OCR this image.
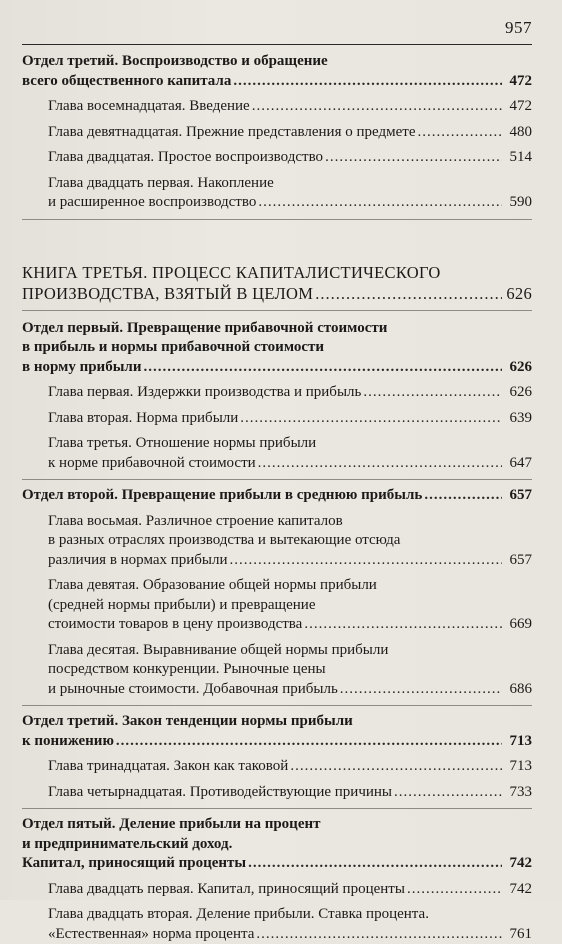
957
Отдел третий. Воспроизводство и обращение
всего общественного капитала .....	472
Глава восемнадцатая. Введение .....	472
Глава девятнадцатая. Прежние представления о предмете .....	480
Глава двадцатая. Простое воспроизводство .....	514
Глава двадцать первая. Накопление
и расширенное воспроизводство .....	590
КНИГА ТРЕТЬЯ. ПРОЦЕСС КАПИТАЛИСТИЧЕСКОГО
ПРОИЗВОДСТВА, ВЗЯТЫЙ В ЦЕЛОМ .....	626
Отдел первый. Превращение прибавочной стоимости
в прибыль и нормы прибавочной стоимости
в норму прибыли .....	626
Глава первая. Издержки производства и прибыль .....	626
Глава вторая. Норма прибыли .....	639
Глава третья. Отношение нормы прибыли
к норме прибавочной стоимости .....	647
Отдел второй. Превращение прибыли в среднюю прибыль .....	657
Глава восьмая. Различное строение капиталов
в разных отраслях производства и вытекающие отсюда
различия в нормах прибыли .....	657
Глава девятая. Образование общей нормы прибыли
(средней нормы прибыли) и превращение
стоимости товаров в цену производства .....	669
Глава десятая. Выравнивание общей нормы прибыли
посредством конкуренции. Рыночные цены
и рыночные стоимости. Добавочная прибыль .....	686
Отдел третий. Закон тенденции нормы прибыли
к понижению .....	713
Глава тринадцатая. Закон как таковой .....	713
Глава четырнадцатая. Противодействующие причины .....	733
Отдел пятый. Деление прибыли на процент
и предпринимательский доход.
Капитал, приносящий проценты .....	742
Глава двадцать первая. Капитал, приносящий проценты .....	742
Глава двадцать вторая. Деление прибыли. Ставка процента.
«Естественная» норма процента .....	761
